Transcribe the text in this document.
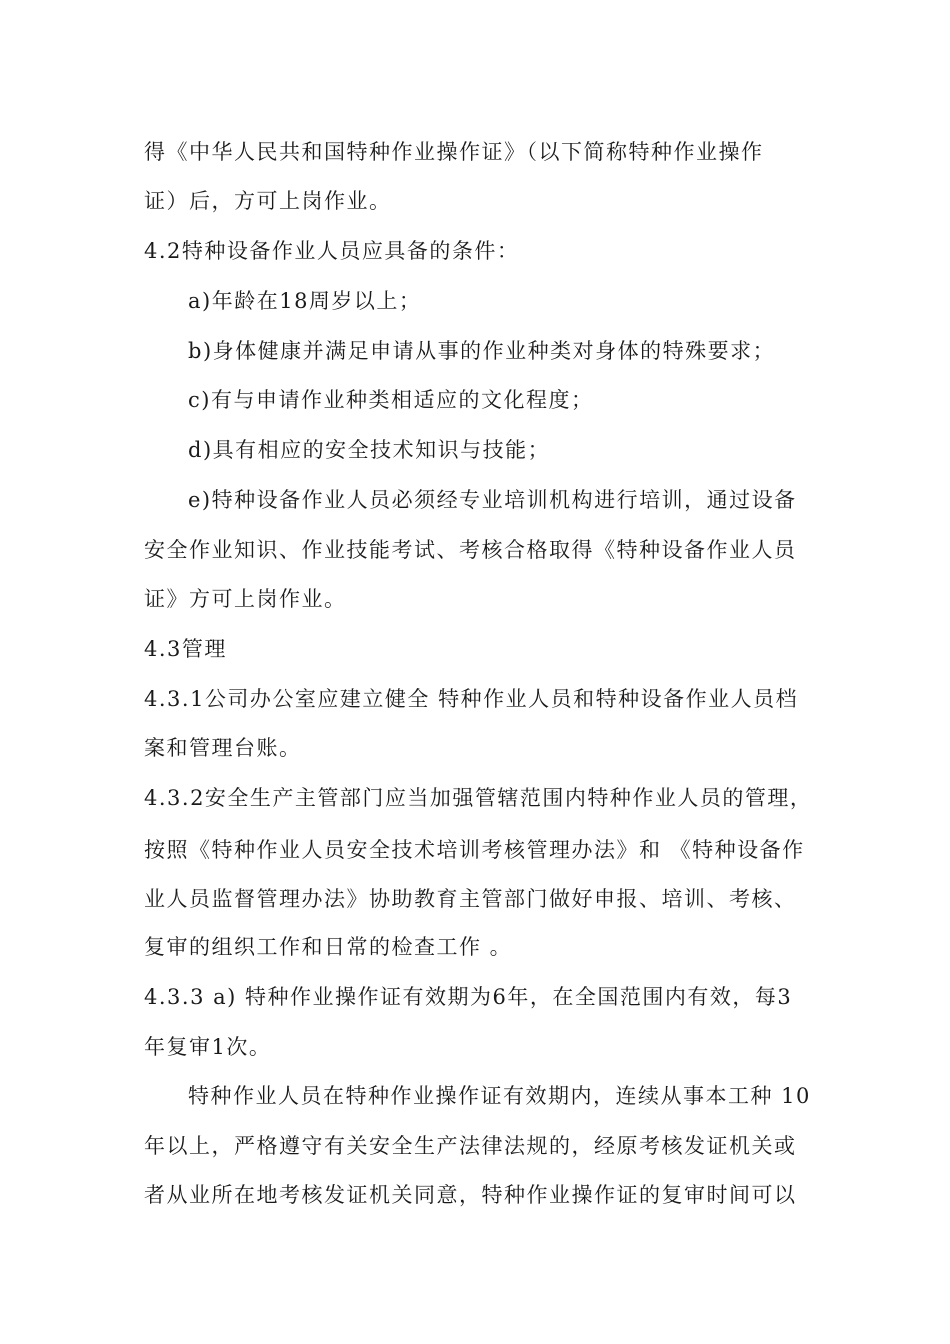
得《中华人民共和国特种作业操作证》（以下简称特种作业操作
证）后，方可上岗作业。
4.2特种设备作业人员应具备的条件：
a)年龄在18周岁以上；
b)身体健康并满足申请从事的作业种类对身体的特殊要求；
c)有与申请作业种类相适应的文化程度；
d)具有相应的安全技术知识与技能；
e)特种设备作业人员必须经专业培训机构进行培训，通过设备
安全作业知识、作业技能考试、考核合格取得《特种设备作业人员
证》方可上岗作业。
4.3管理
4.3.1公司办公室应建立健全 特种作业人员和特种设备作业人员档
案和管理台账。
4.3.2安全生产主管部门应当加强管辖范围内特种作业人员的管理，
按照《特种作业人员安全技术培训考核管理办法》和 《特种设备作
业人员监督管理办法》协助教育主管部门做好申报、培训、考核、
复审的组织工作和日常的检查工作 。
4.3.3 a) 特种作业操作证有效期为6年，在全国范围内有效，每3
年复审1次。
特种作业人员在特种作业操作证有效期内，连续从事本工种 10
年以上，严格遵守有关安全生产法律法规的，经原考核发证机关或
者从业所在地考核发证机关同意，特种作业操作证的复审时间可以
